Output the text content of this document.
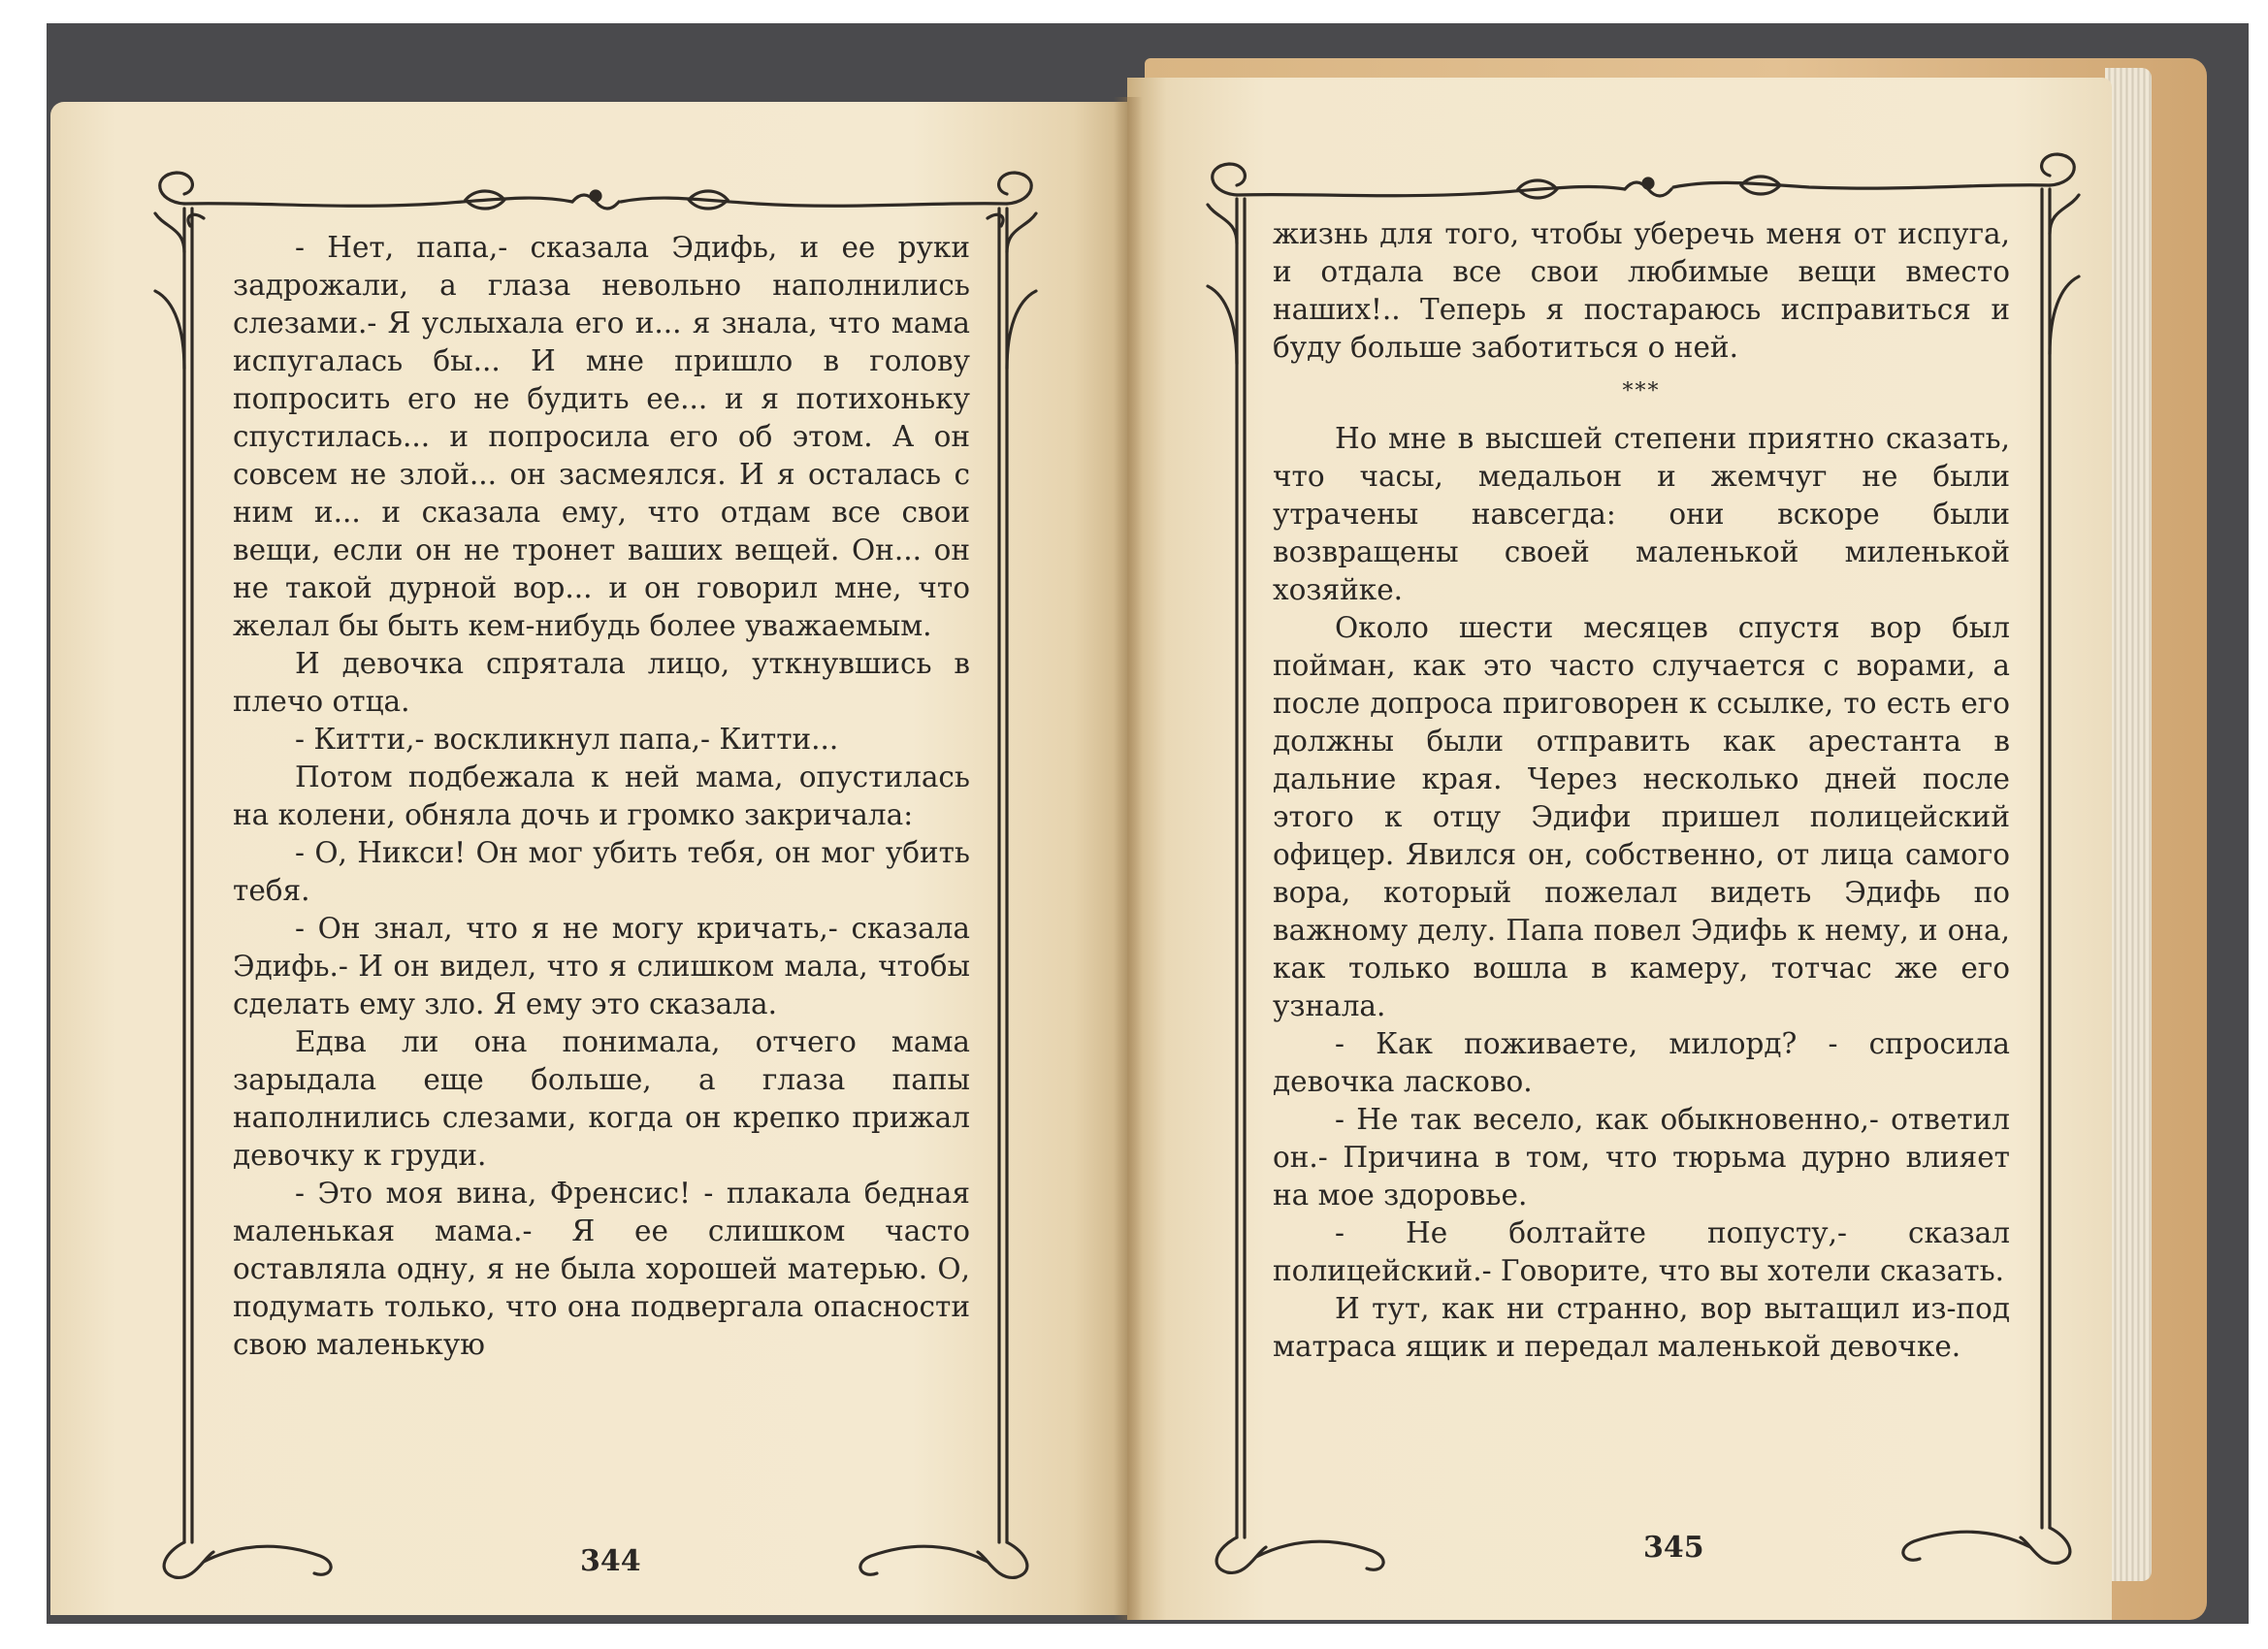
- Нет, папа,- сказала Эдифь, и ее руки задрожали, а глаза невольно наполнились слезами.- Я услыхала его и... я знала, что мама испугалась бы... И мне пришло в голову попросить его не будить ее... и я потихоньку спустилась... и попросила его об этом. А он совсем не злой... он засмеялся. И я осталась с ним и... и сказала ему, что отдам все свои вещи, если он не тронет ваших вещей. Он... он не такой дурной вор... и он говорил мне, что желал бы быть кем-нибудь более уважаемым.

И девочка спрятала лицо, уткнувшись в плечо отца.

- Китти,- воскликнул папа,- Китти...

Потом подбежала к ней мама, опустилась на колени, обняла дочь и громко закричала:

- О, Никси! Он мог убить тебя, он мог убить тебя.

- Он знал, что я не могу кричать,- сказала Эдифь.- И он видел, что я слишком мала, чтобы сделать ему зло. Я ему это сказала.

Едва ли она понимала, отчего мама зарыдала еще больше, а глаза папы наполнились слезами, когда он крепко прижал девочку к груди.

- Это моя вина, Френсис! - плакала бедная маленькая мама.- Я ее слишком часто оставляла одну, я не была хорошей матерью. О, подумать только, что она подвергала опасности свою маленькую

344

жизнь для того, чтобы уберечь меня от испуга, и отдала все свои любимые вещи вместо наших!.. Теперь я постараюсь исправиться и буду больше заботиться о ней.

***

Но мне в высшей степени приятно сказать, что часы, медальон и жемчуг не были утрачены навсегда: они вскоре были возвращены своей маленькой миленькой хозяйке.

Около шести месяцев спустя вор был пойман, как это часто случается с ворами, а после допроса приговорен к ссылке, то есть его должны были отправить как арестанта в дальние края. Через несколько дней после этого к отцу Эдифи пришел полицейский офицер. Явился он, собственно, от лица самого вора, который пожелал видеть Эдифь по важному делу. Папа повел Эдифь к нему, и она, как только вошла в камеру, тотчас же его узнала.

- Как поживаете, милорд? - спросила девочка ласково.

- Не так весело, как обыкновенно,- ответил он.- Причина в том, что тюрьма дурно влияет на мое здоровье.

- Не болтайте попусту,- сказал полицейский.- Говорите, что вы хотели сказать.

И тут, как ни странно, вор вытащил из-под матраса ящик и передал маленькой девочке.

345
